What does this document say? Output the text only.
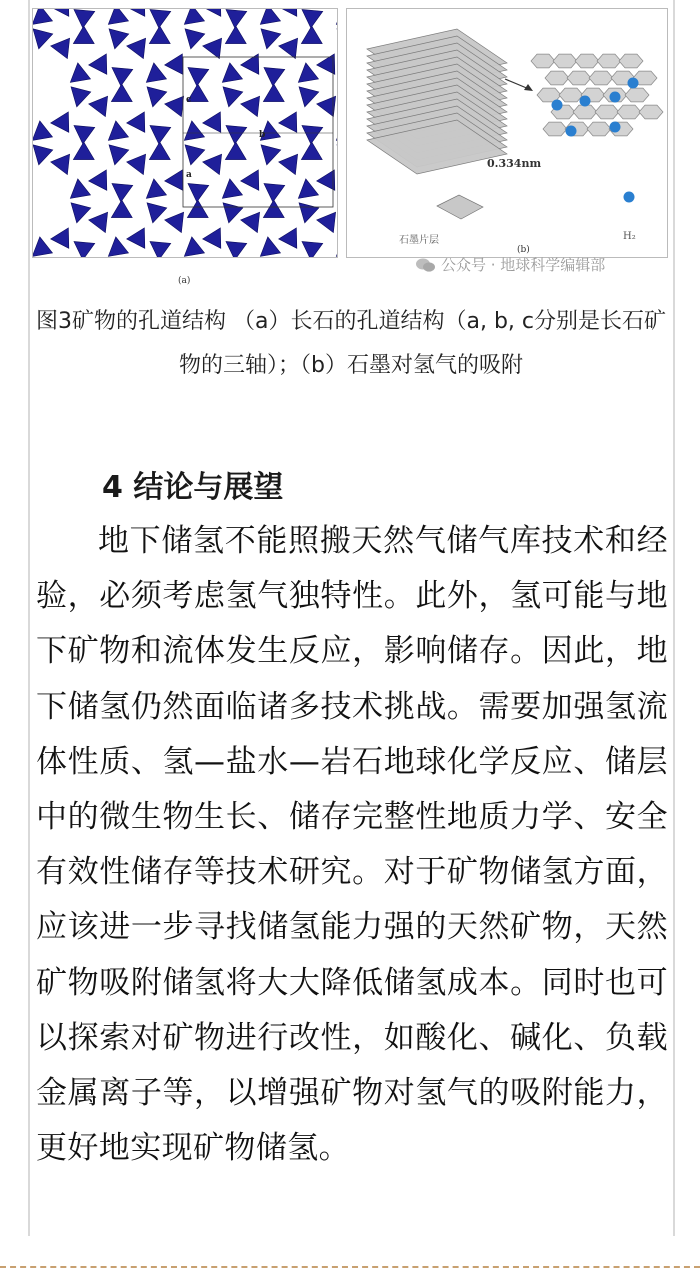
c
b
a
(a)
0.334nm
石墨片层	H₂
(b)
公众号 · 地球科学编辑部
图3矿物的孔道结构 （a）长石的孔道结构（a, b, c分别是长石矿物的三轴）；（b）石墨对氢气的吸附
4 结论与展望
地下储氢不能照搬天然气储气库技术和经验，必须考虑氢气独特性。此外，氢可能与地下矿物和流体发生反应，影响储存。因此，地下储氢仍然面临诸多技术挑战。需要加强氢流体性质、氢—盐水—岩石地球化学反应、储层中的微生物生长、储存完整性地质力学、安全有效性储存等技术研究。对于矿物储氢方面，应该进一步寻找储氢能力强的天然矿物，天然矿物吸附储氢将大大降低储氢成本。同时也可以探索对矿物进行改性，如酸化、碱化、负载金属离子等，以增强矿物对氢气的吸附能力，更好地实现矿物储氢。
